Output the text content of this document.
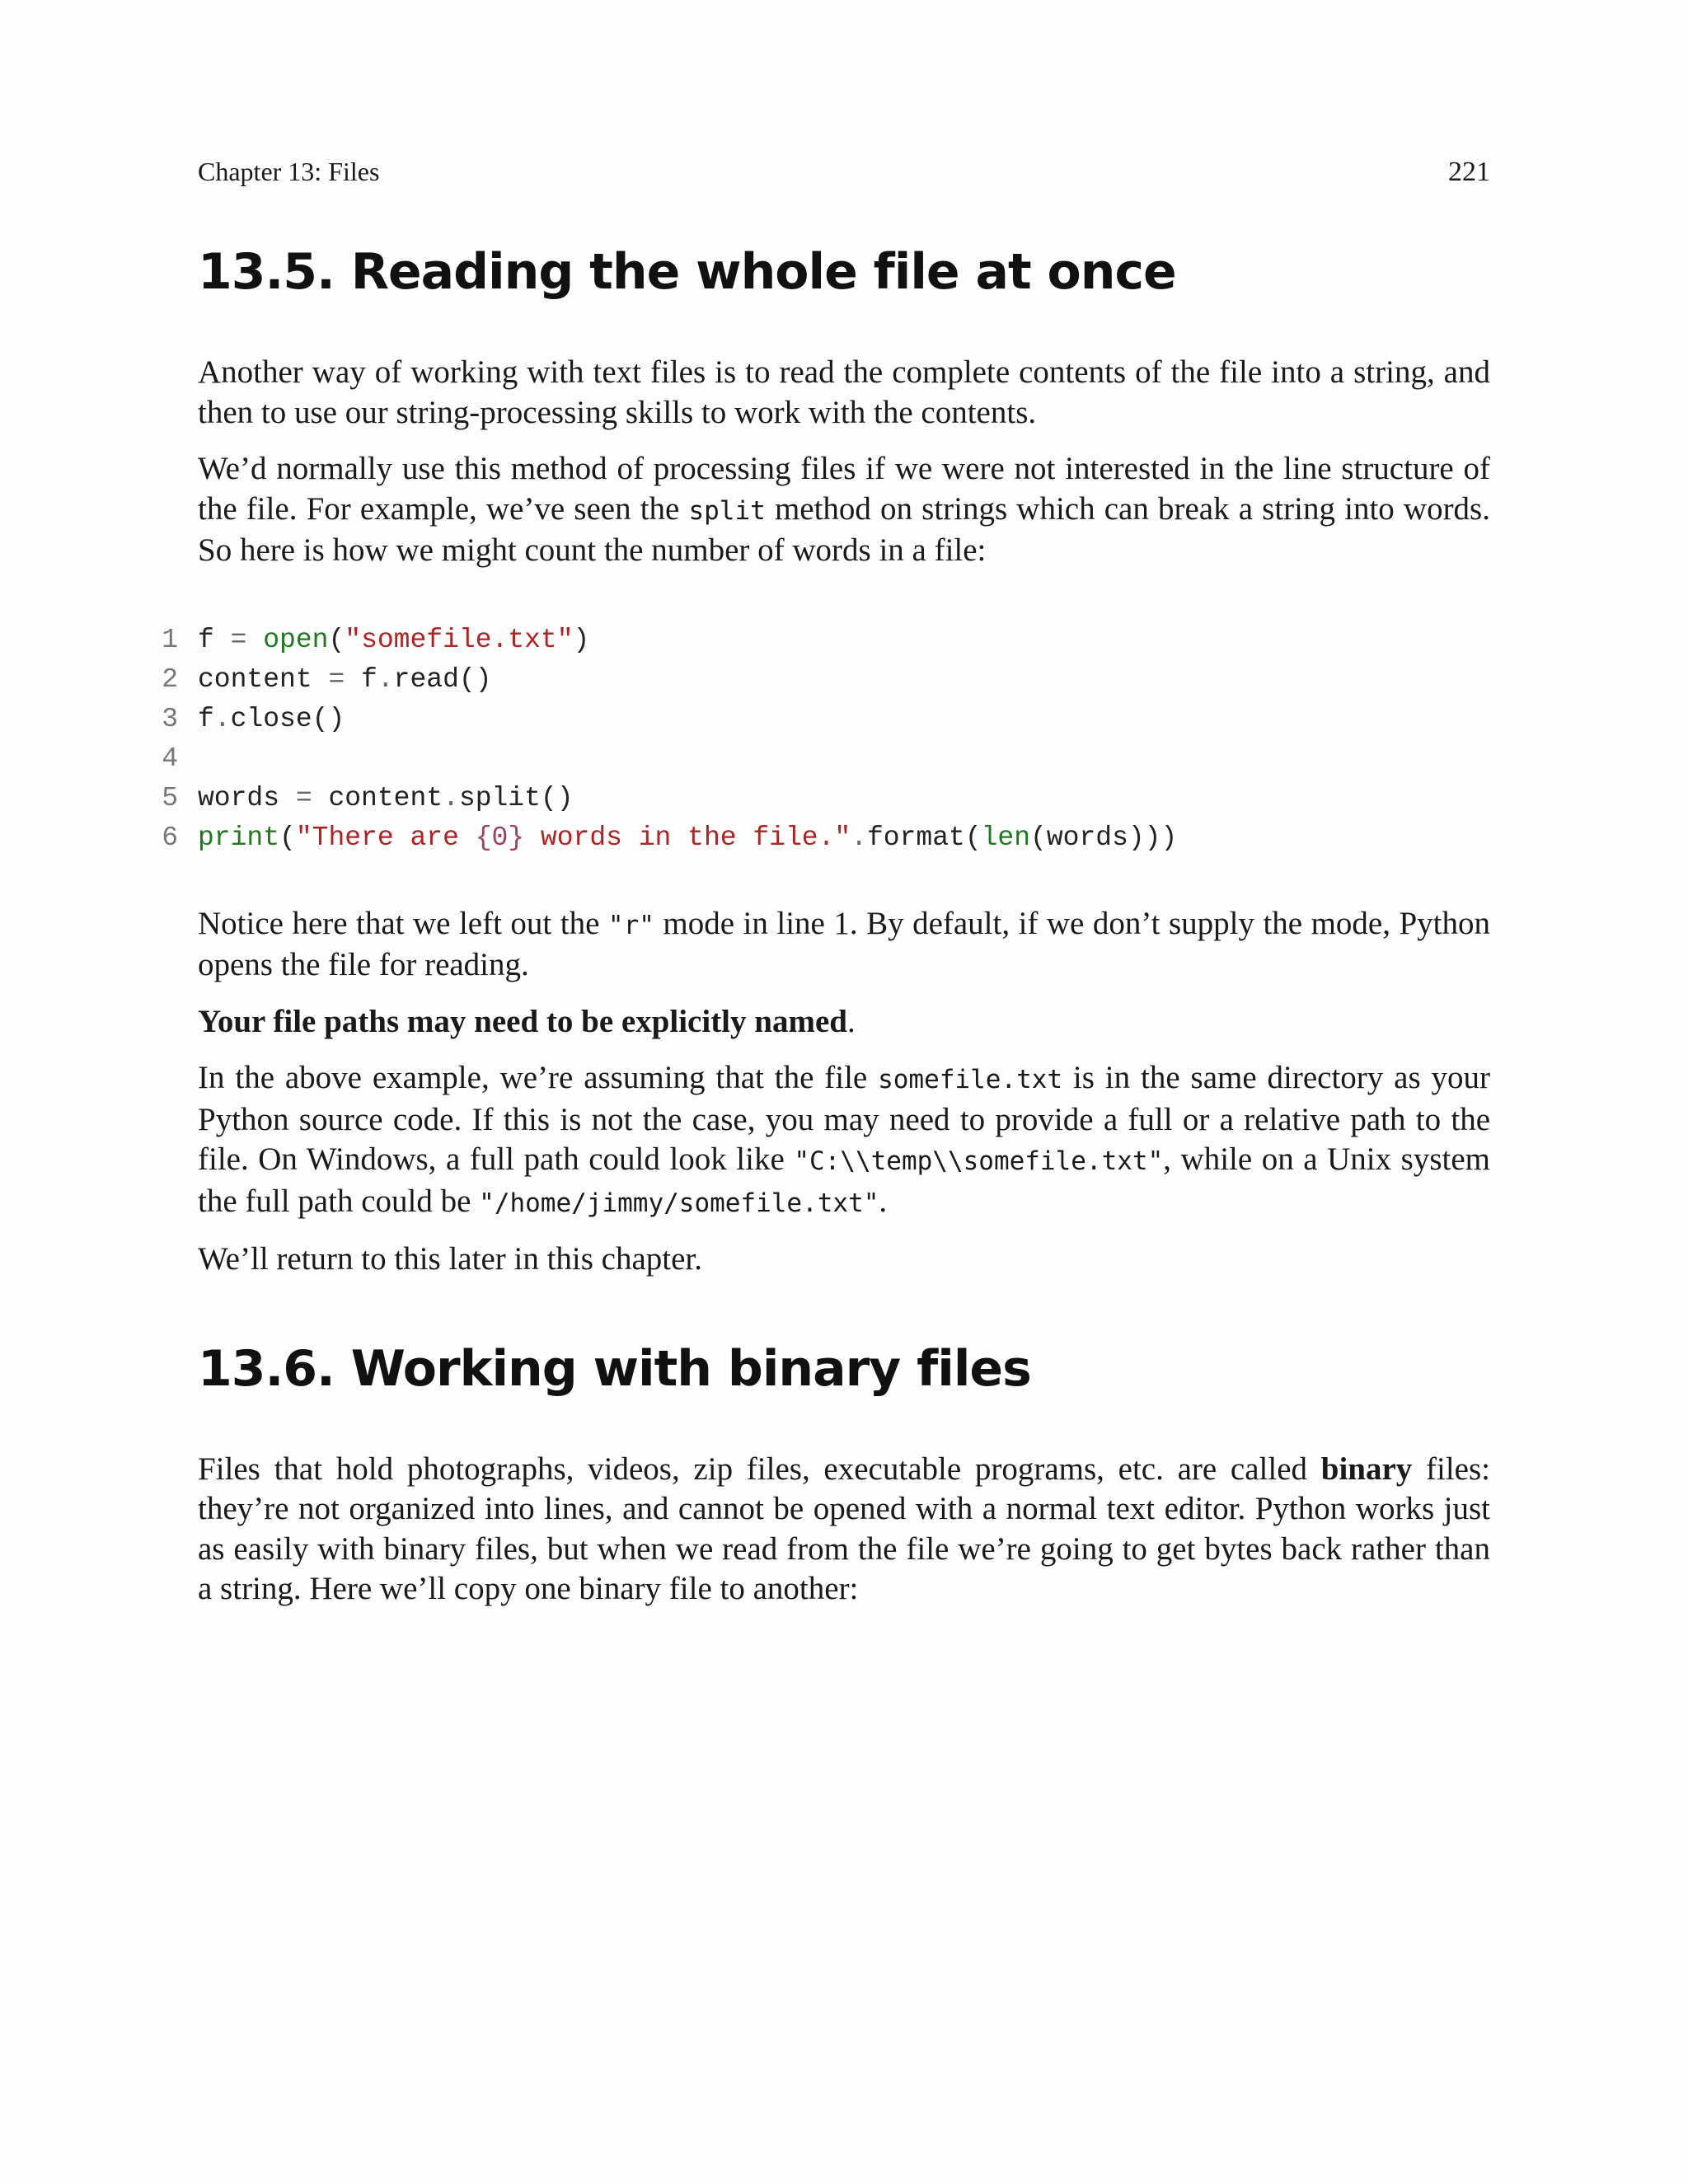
Chapter 13: Files	221
13.5. Reading the whole file at once

Another way of working with text files is to read the complete contents of the file into a string, and then to use our string-processing skills to work with the contents.

We’d normally use this method of processing files if we were not interested in the line structure of the file. For example, we’ve seen the split method on strings which can break a string into words. So here is how we might count the number of words in a file:

1 f = open("somefile.txt")
2 content = f.read()
3 f.close()
4
5 words = content.split()
6 print("There are {0} words in the file.".format(len(words)))

Notice here that we left out the "r" mode in line 1. By default, if we don’t supply the mode, Python opens the file for reading.

Your file paths may need to be explicitly named.

In the above example, we’re assuming that the file somefile.txt is in the same directory as your Python source code. If this is not the case, you may need to provide a full or a relative path to the file. On Windows, a full path could look like "C:\\temp\\somefile.txt", while on a Unix system the full path could be "/home/jimmy/somefile.txt".

We’ll return to this later in this chapter.

13.6. Working with binary files

Files that hold photographs, videos, zip files, executable programs, etc. are called binary files: they’re not organized into lines, and cannot be opened with a normal text editor. Python works just as easily with binary files, but when we read from the file we’re going to get bytes back rather than a string. Here we’ll copy one binary file to another:
